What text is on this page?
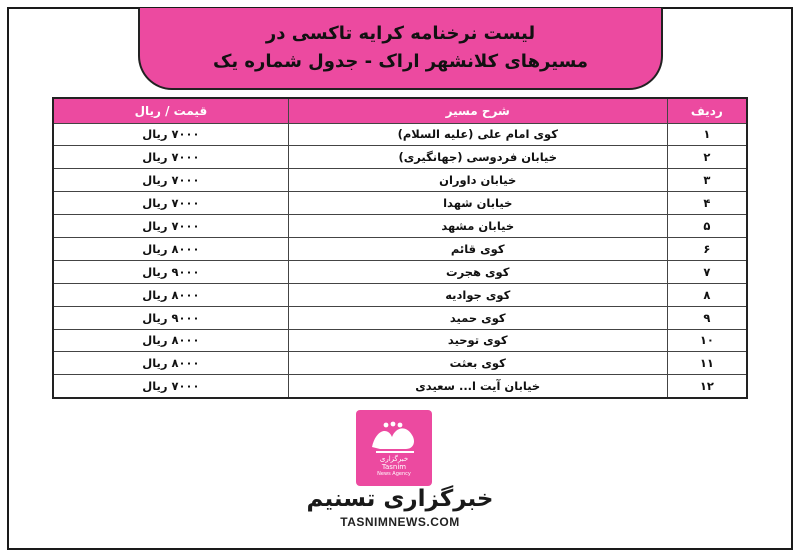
لیست نرخنامه کرایه تاکسی در
مسیرهای کلانشهر اراک - جدول شماره یک
ردیف	شرح مسیر	قیمت / ریال
۱	کوی امام علی (علیه السلام)	۷۰۰۰ ریال
۲	خیابان فردوسی (جهانگیری)	۷۰۰۰ ریال
۳	خیابان داوران	۷۰۰۰ ریال
۴	خیابان شهدا	۷۰۰۰ ریال
۵	خیابان مشهد	۷۰۰۰ ریال
۶	کوی قائم	۸۰۰۰ ریال
۷	کوی هجرت	۹۰۰۰ ریال
۸	کوی جوادیه	۸۰۰۰ ریال
۹	کوی حمید	۹۰۰۰ ریال
۱۰	کوی توحید	۸۰۰۰ ریال
۱۱	کوی بعثت	۸۰۰۰ ریال
۱۲	خیابان آیت ا... سعیدی	۷۰۰۰ ریال
خبرگزاری
Tasnim
News Agency
خبرگزاری تسنیم
TASNIMNEWS.COM
